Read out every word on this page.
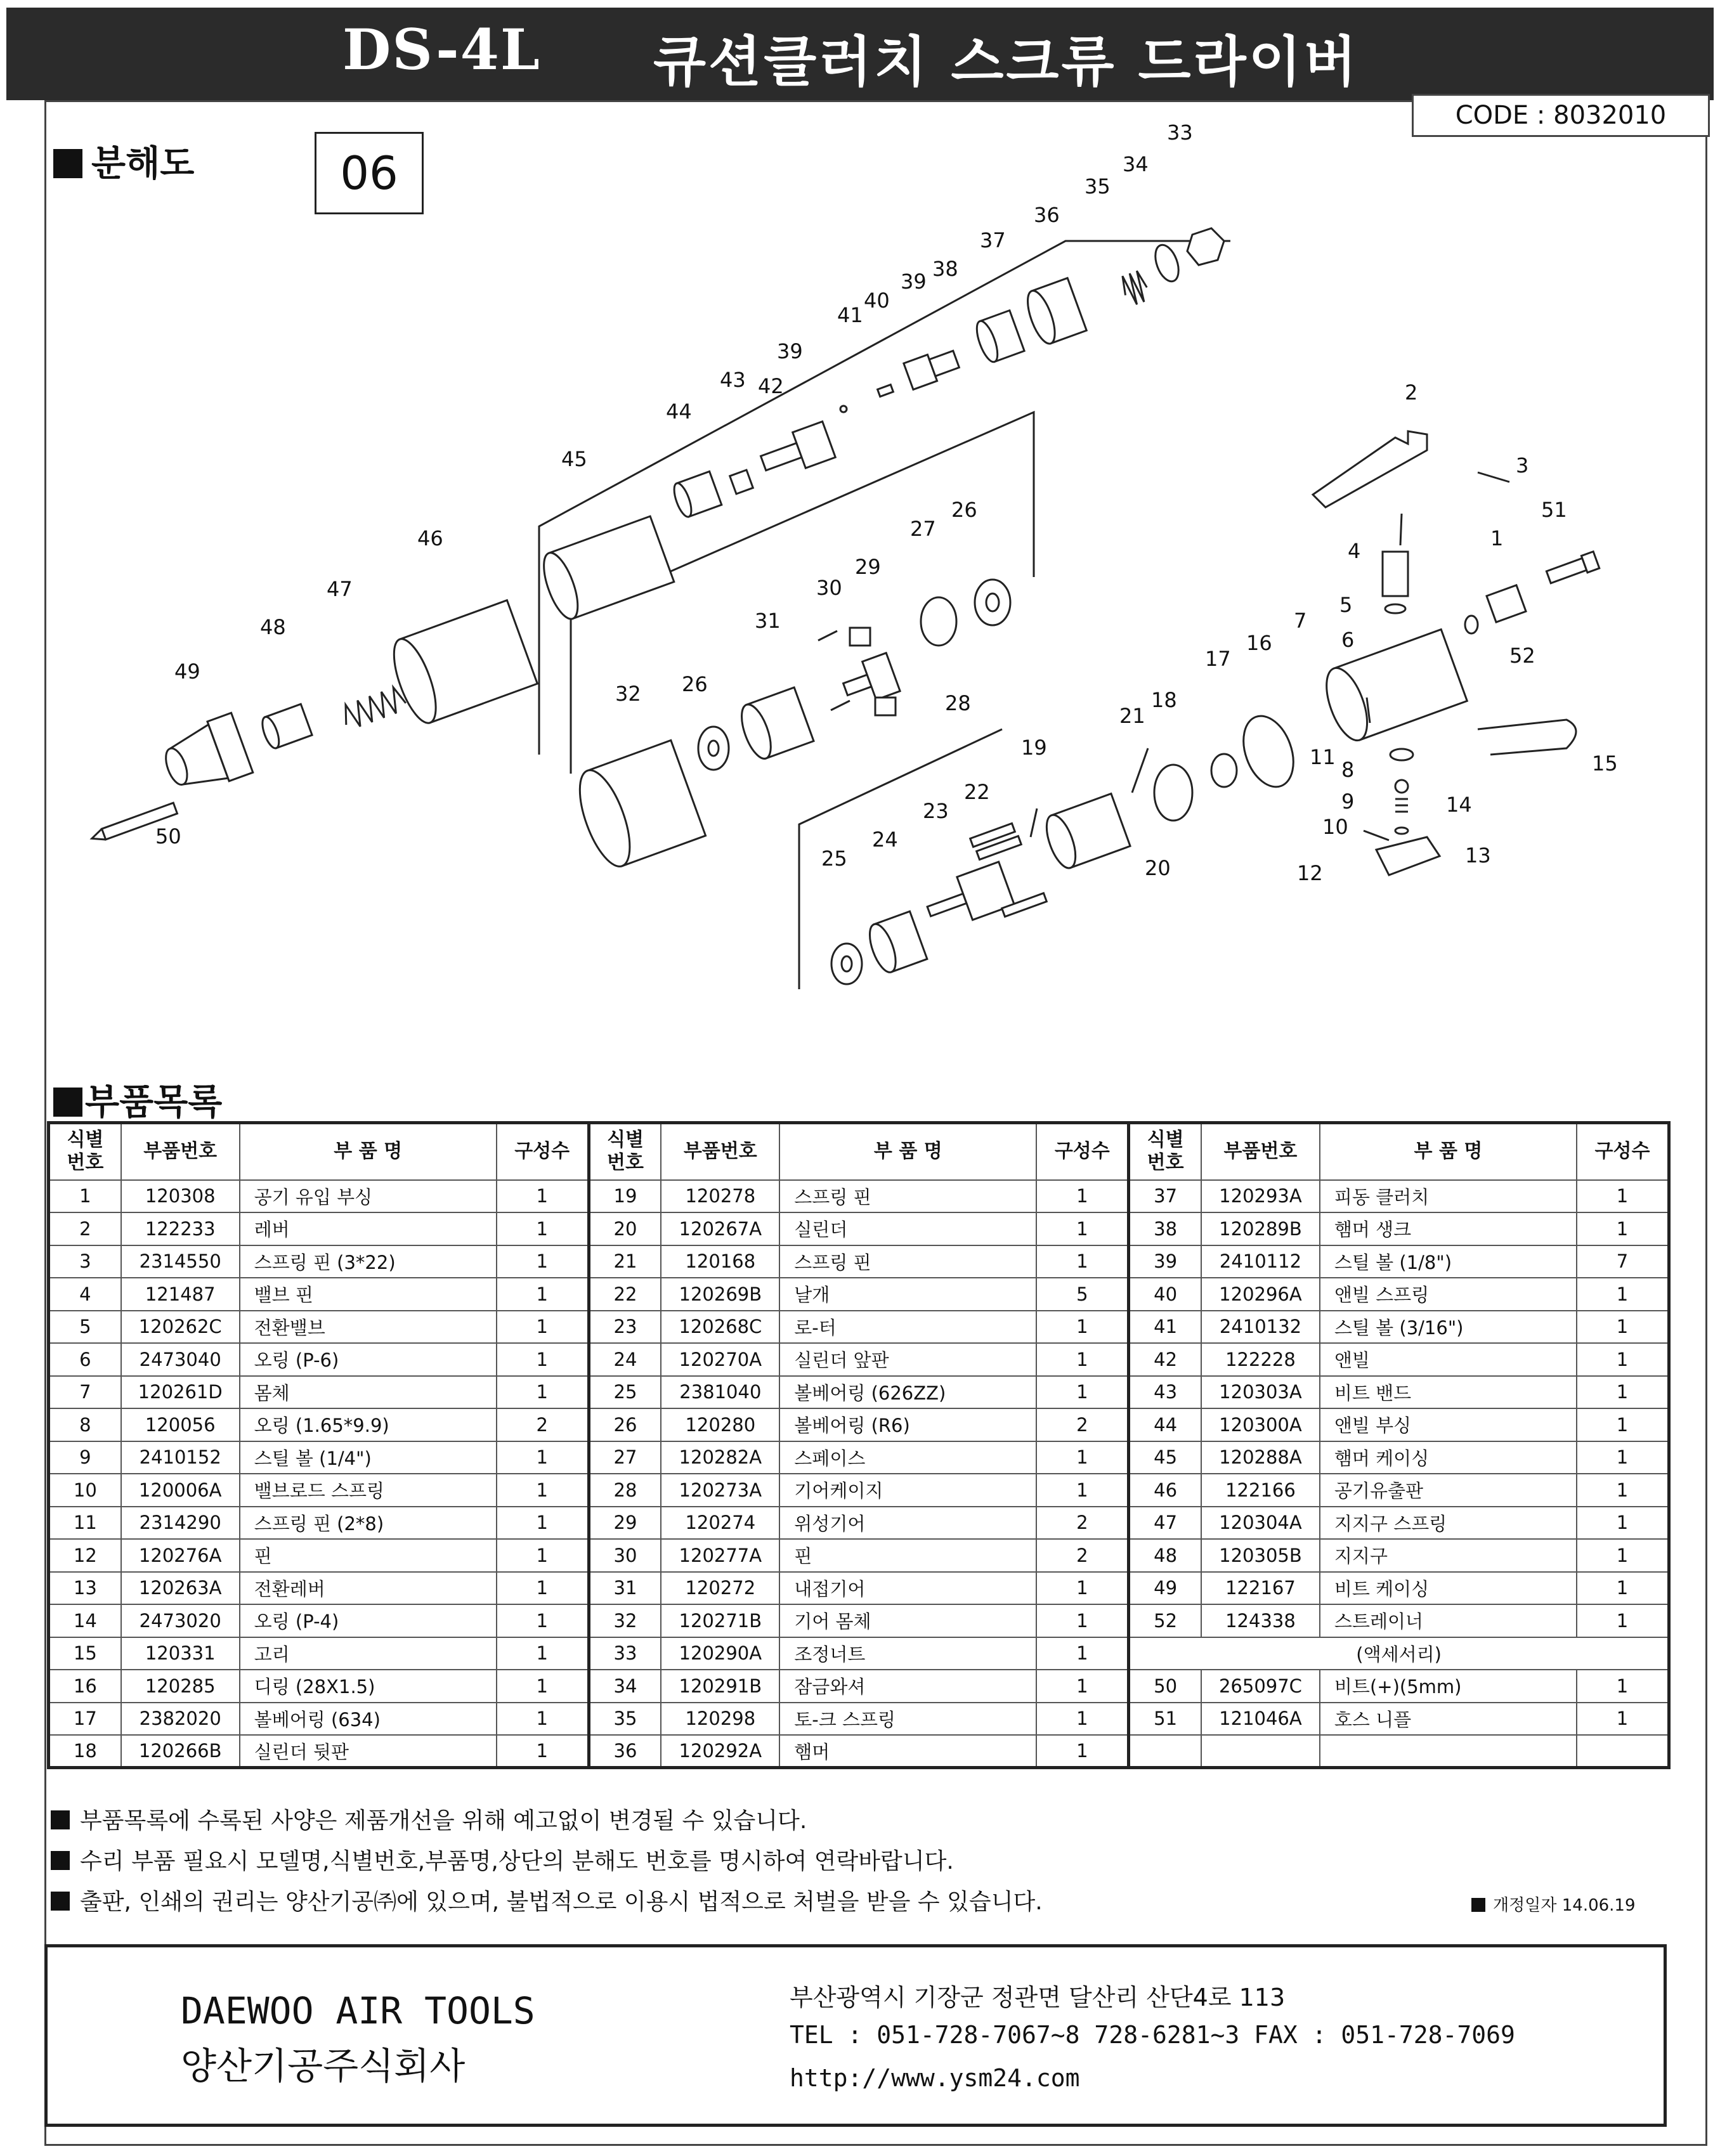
DS-4L 큐션클러치 스크류 드라이버
CODE : 8032010
분해도	06
2
3
1
4
5
6
7
8
9
10
11
12
13
14
15
16
17
18
19
20
21
22
23
24
25
26
26
27
28
29
30
31
32
33
34
35
36
37
38
39
39
40
41
42
43
44
45
46
47
48
49
50
51
52
부품목록
식별 번호	부품번호	부 품 명	구성수	식별 번호	부품번호	부 품 명	구성수	식별 번호	부품번호	부 품 명	구성수
1	120308	공기 유입 부싱	1	19	120278	스프링 핀	1	37	120293A	피동 클러치	1
2	122233	레버	1	20	120267A	실린더	1	38	120289B	햄머 생크	1
3	2314550	스프링 핀 (3*22)	1	21	120168	스프링 핀	1	39	2410112	스틸 볼 (1/8")	7
4	121487	밸브 핀	1	22	120269B	날개	5	40	120296A	앤빌 스프링	1
5	120262C	전환밸브	1	23	120268C	로-터	1	41	2410132	스틸 볼 (3/16")	1
6	2473040	오링 (P-6)	1	24	120270A	실린더 앞판	1	42	122228	앤빌	1
7	120261D	몸체	1	25	2381040	볼베어링 (626ZZ)	1	43	120303A	비트 밴드	1
8	120056	오링 (1.65*9.9)	2	26	120280	볼베어링 (R6)	2	44	120300A	앤빌 부싱	1
9	2410152	스틸 볼 (1/4")	1	27	120282A	스페이스	1	45	120288A	햄머 케이싱	1
10	120006A	밸브로드 스프링	1	28	120273A	기어케이지	1	46	122166	공기유출판	1
11	2314290	스프링 핀 (2*8)	1	29	120274	위성기어	2	47	120304A	지지구 스프링	1
12	120276A	핀	1	30	120277A	핀	2	48	120305B	지지구	1
13	120263A	전환레버	1	31	120272	내접기어	1	49	122167	비트 케이싱	1
14	2473020	오링 (P-4)	1	32	120271B	기어 몸체	1	52	124338	스트레이너	1
15	120331	고리	1	33	120290A	조정너트	1	(액세서리)			
16	120285	디링 (28X1.5)	1	34	120291B	잠금와셔	1	50	265097C	비트(+)(5mm)	1
17	2382020	볼베어링 (634)	1	35	120298	토-크 스프링	1	51	121046A	호스 니플	1
18	120266B	실린더 뒷판	1	36	120292A	햄머	1				
부품목록에 수록된 사양은 제품개선을 위해 예고없이 변경될 수 있습니다.
수리 부품 필요시 모델명,식별번호,부품명,상단의 분해도 번호를 명시하여 연락바랍니다.
출판, 인쇄의 권리는 양산기공㈜에 있으며, 불법적으로 이용시 법적으로 처벌을 받을 수 있습니다.	개정일자 14.06.19
DAEWOO AIR TOOLS
양산기공주식회사
부산광역시 기장군 정관면 달산리 산단4로 113
TEL : 051-728-7067~8 728-6281~3 FAX : 051-728-7069
http://www.ysm24.com
